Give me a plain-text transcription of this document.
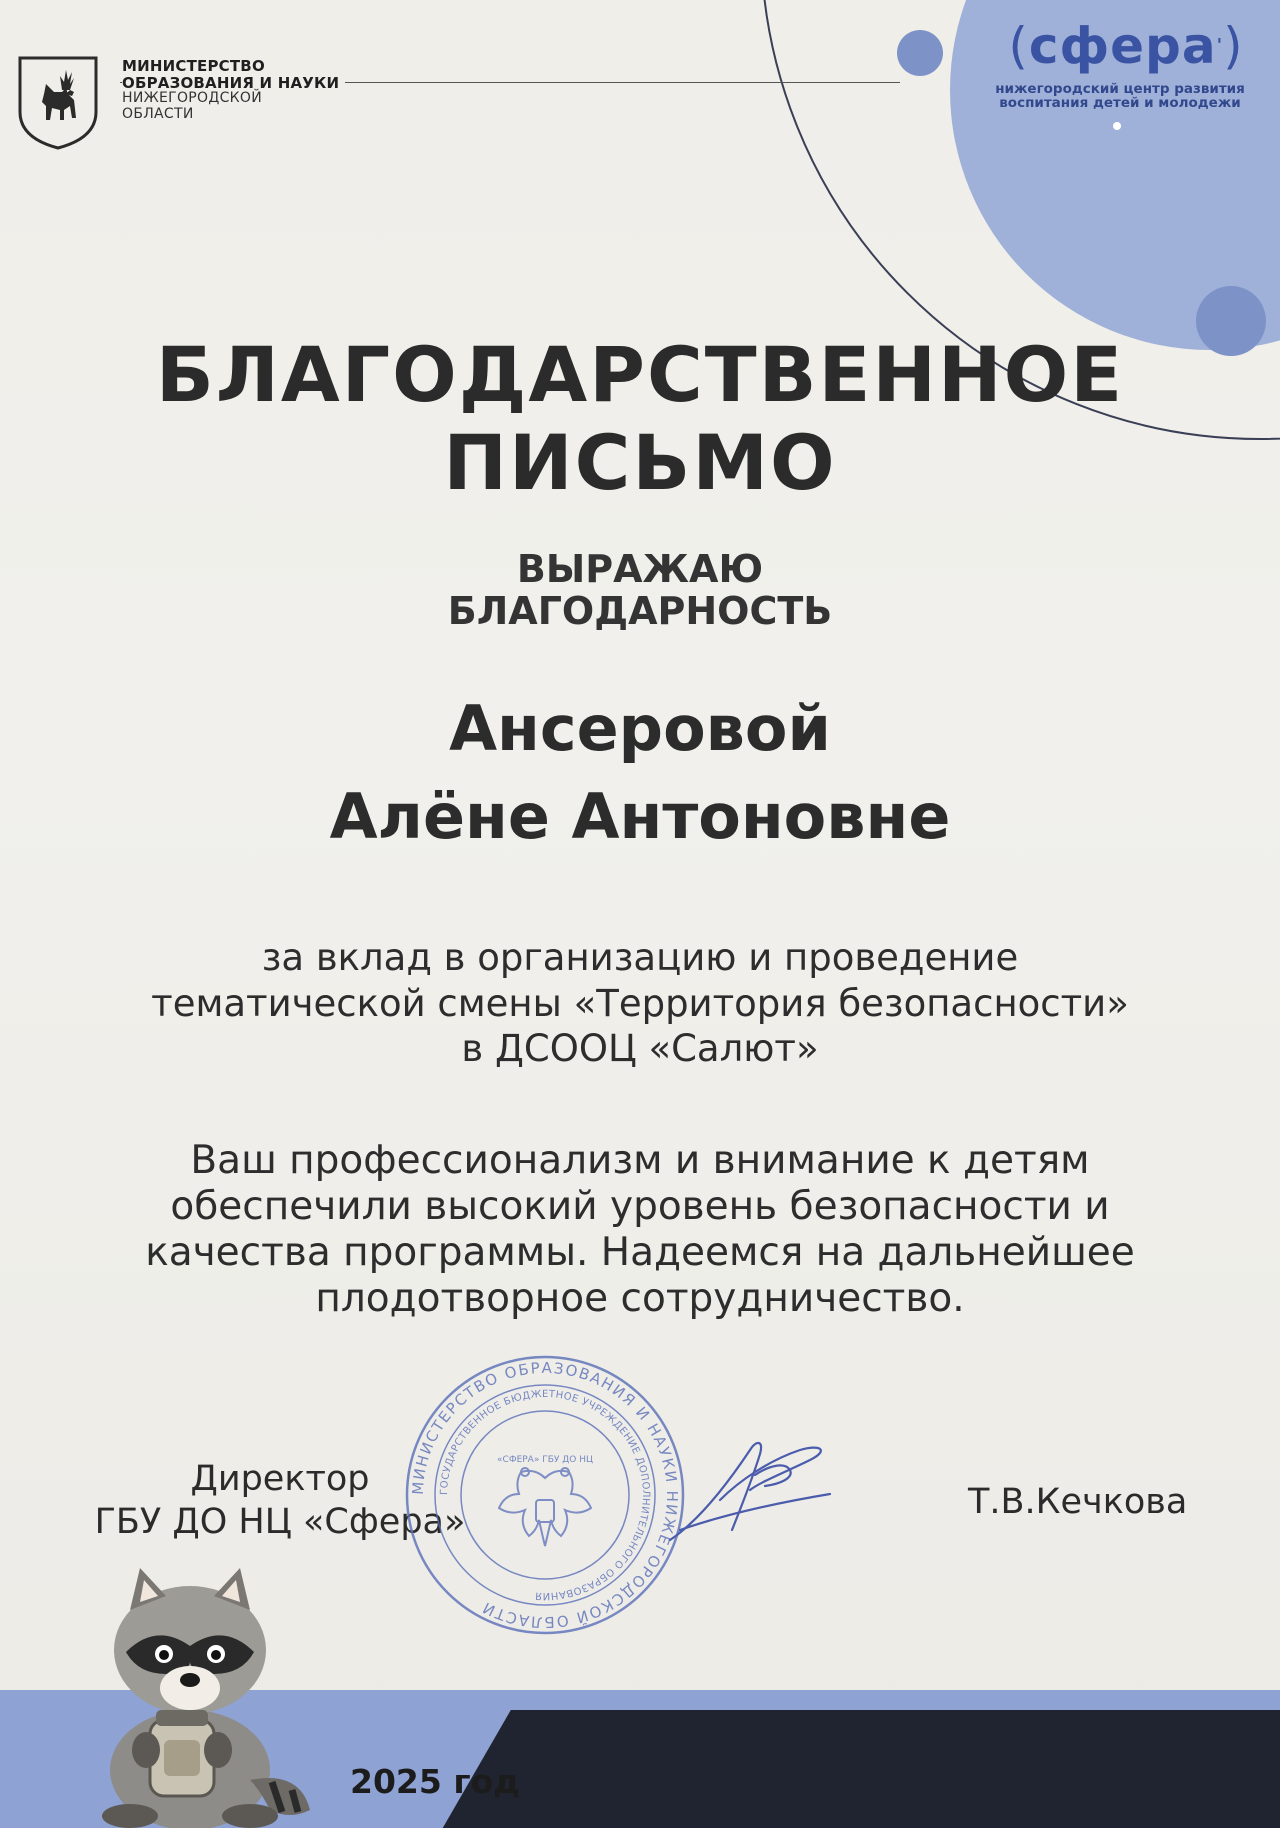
МИНИСТЕРСТВО
ОБРАЗОВАНИЯ И НАУКИ
НИЖЕГОРОДСКОЙ
ОБЛАСТИ
(сфера')
нижегородский центр развития
воспитания детей и молодежи
БЛАГОДАРСТВЕННОЕ
ПИСЬМО
ВЫРАЖАЮ
БЛАГОДАРНОСТЬ
Ансеровой
Алёне Антоновне
за вклад в организацию и проведение
тематической смены «Территория безопасности»
в ДСООЦ «Салют»
Ваш профессионализм и внимание к детям
обеспечили высокий уровень безопасности и
качества программы. Надеемся на дальнейшее
плодотворное сотрудничество.
Директор
ГБУ ДО НЦ «Сфера»
МИНИСТЕРСТВО ОБРАЗОВАНИЯ И НАУКИ НИЖЕГОРОДСКОЙ ОБЛАСТИ
ГОСУДАРСТВЕННОЕ БЮДЖЕТНОЕ УЧРЕЖДЕНИЕ ДОПОЛНИТЕЛЬНОГО ОБРАЗОВАНИЯ
«СФЕРА» ГБУ ДО НЦ
Т.В.Кечкова
2025 год
